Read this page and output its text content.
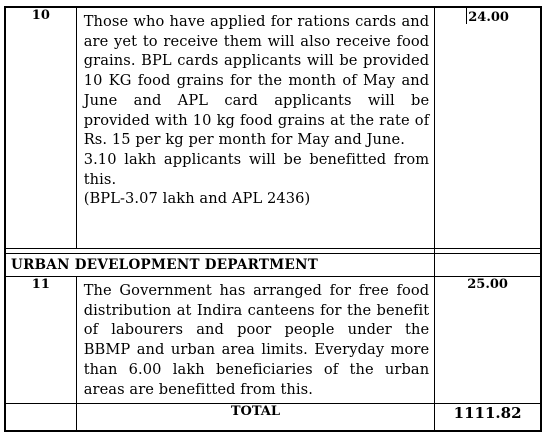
10	Those who have applied for rations cards and are yet to receive them will also receive food grains. BPL cards applicants will be provided 10 KG food grains for the month of May and June and APL card applicants will be provided with 10 kg food grains at the rate of Rs. 15 per kg per month for May and June.

3.10 lakh applicants will be benefitted from this.

(BPL-3.07 lakh and APL 2436)	24.00

URBAN DEVELOPMENT DEPARTMENT		
11	The Government has arranged for free food distribution at Indira canteens for the benefit of labourers and poor people under the BBMP and urban area limits. Everyday more than 6.00 lakh beneficiaries of the urban areas are benefitted from this.	25.00
	TOTAL	1111.82
